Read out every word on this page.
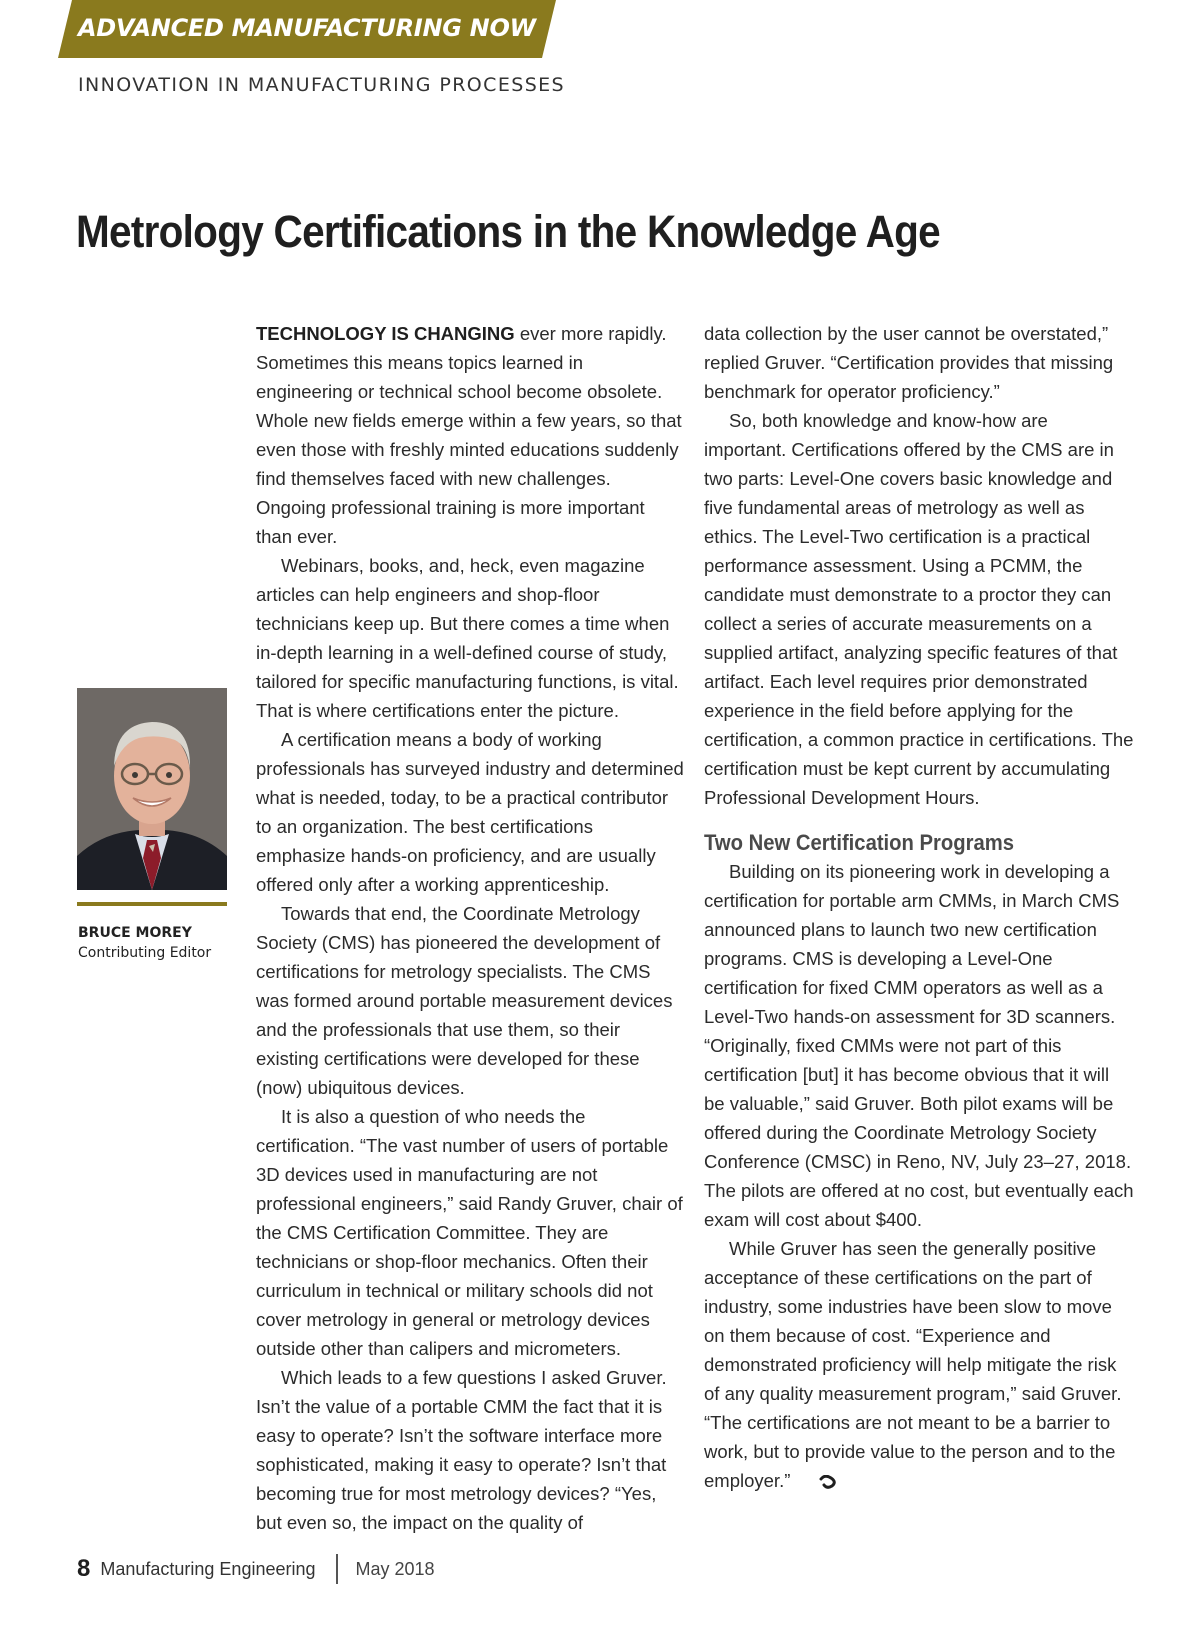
ADVANCED MANUFACTURING NOW
INNOVATION IN MANUFACTURING PROCESSES
Metrology Certifications in the Knowledge Age
BRUCE MOREY
Contributing Editor

TECHNOLOGY IS CHANGING ever more rapidly. Sometimes this means topics learned in engineering or technical school become obsolete. Whole new fields emerge within a few years, so that even those with freshly minted educations suddenly find themselves faced with new challenges. Ongoing professional training is more important than ever.

Webinars, books, and, heck, even magazine articles can help engineers and shop-floor technicians keep up. But there comes a time when in-depth learning in a well-defined course of study, tailored for specific manufacturing functions, is vital. That is where certifications enter the picture.

A certification means a body of working professionals has surveyed industry and determined what is needed, today, to be a practical contributor to an organization. The best certifications emphasize hands-on proficiency, and are usually offered only after a working apprenticeship.

Towards that end, the Coordinate Metrology Society (CMS) has pioneered the development of certifications for metrology specialists. The CMS was formed around portable measurement devices and the professionals that use them, so their existing certifications were developed for these (now) ubiquitous devices.

It is also a question of who needs the certification. “The vast number of users of portable 3D devices used in manufacturing are not professional engineers,” said Randy Gruver, chair of the CMS Certification Committee. They are technicians or shop-floor mechanics. Often their curriculum in technical or military schools did not cover metrology in general or metrology devices outside other than calipers and micrometers.

Which leads to a few questions I asked Gruver. Isn’t the value of a portable CMM the fact that it is easy to operate? Isn’t the software interface more sophisticated, making it easy to operate? Isn’t that becoming true for most metrology devices? “Yes, but even so, the impact on the quality of

data collection by the user cannot be overstated,” replied Gruver. “Certification provides that missing benchmark for operator proficiency.”

So, both knowledge and know-how are important. Certifications offered by the CMS are in two parts: Level-One covers basic knowledge and five fundamental areas of metrology as well as ethics. The Level-Two certification is a practical performance assessment. Using a PCMM, the candidate must demonstrate to a proctor they can collect a series of accurate measurements on a supplied artifact, analyzing specific features of that artifact. Each level requires prior demonstrated experience in the field before applying for the certification, a common practice in certifications. The certification must be kept current by accumulating Professional Development Hours.

Two New Certification Programs

Building on its pioneering work in developing a certification for portable arm CMMs, in March CMS announced plans to launch two new certification programs. CMS is developing a Level-One certification for fixed CMM operators as well as a Level-Two hands-on assessment for 3D scanners. “Originally, fixed CMMs were not part of this certification [but] it has become obvious that it will be valuable,” said Gruver. Both pilot exams will be offered during the Coordinate Metrology Society Conference (CMSC) in Reno, NV, July 23–27, 2018. The pilots are offered at no cost, but eventually each exam will cost about $400.

While Gruver has seen the generally positive acceptance of these certifications on the part of industry, some industries have been slow to move on them because of cost. “Experience and demonstrated proficiency will help mitigate the risk of any quality measurement program,” said Gruver. “The certifications are not meant to be a barrier to work, but to provide value to the person and to the employer.”

8 Manufacturing Engineering May 2018
